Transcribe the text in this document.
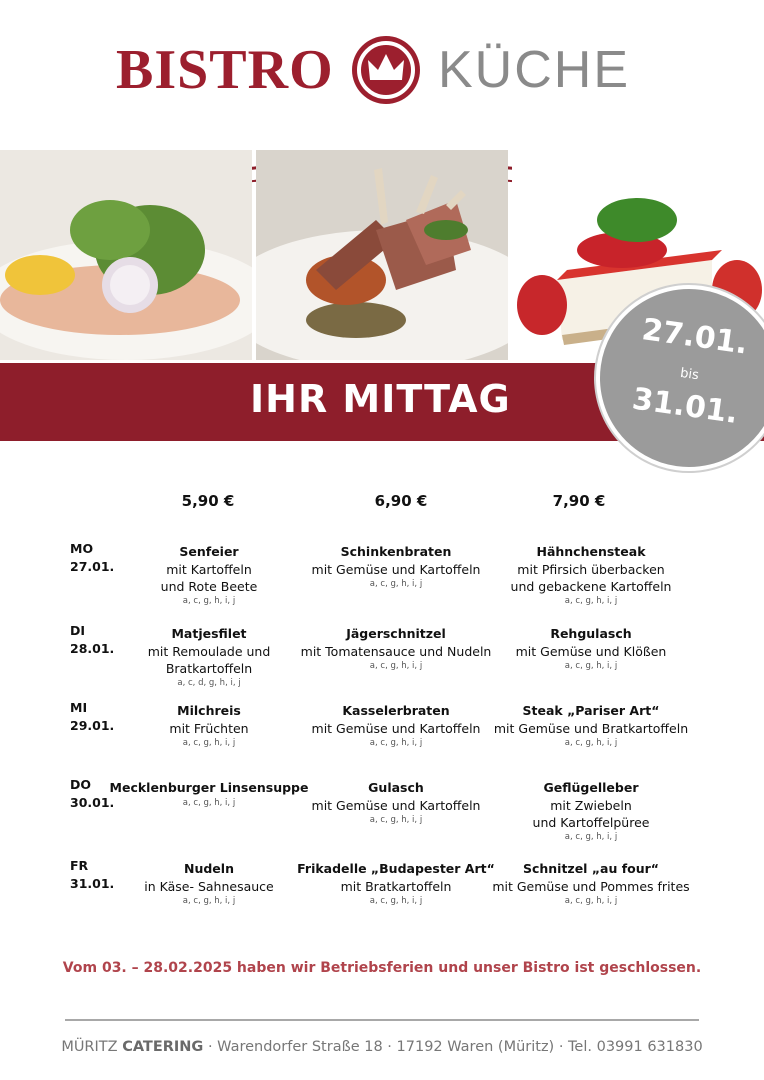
BISTRO KÜCHE
IHR MITTAG
27.01.
bis
31.01.
5,90 €	6,90 €	7,90 €
MO
27.01.
Senfeier
mit Kartoffeln
und Rote Beete
a, c, g, h, i, j
Schinkenbraten
mit Gemüse und Kartoffeln
a, c, g, h, i, j
Hähnchensteak
mit Pfirsich überbacken
und gebackene Kartoffeln
a, c, g, h, i, j
DI
28.01.
Matjesfilet
mit Remoulade und
Bratkartoffeln
a, c, d, g, h, i, j
Jägerschnitzel
mit Tomatensauce und Nudeln
a, c, g, h, i, j
Rehgulasch
mit Gemüse und Klößen
a, c, g, h, i, j
MI
29.01.
Milchreis
mit Früchten
a, c, g, h, i, j
Kasselerbraten
mit Gemüse und Kartoffeln
a, c, g, h, i, j
Steak „Pariser Art“
mit Gemüse und Bratkartoffeln
a, c, g, h, i, j
DO
30.01.
Mecklenburger Linsensuppe
a, c, g, h, i, j
Gulasch
mit Gemüse und Kartoffeln
a, c, g, h, i, j
Geflügelleber
mit Zwiebeln
und Kartoffelpüree
a, c, g, h, i, j
FR
31.01.
Nudeln
in Käse- Sahnesauce
a, c, g, h, i, j
Frikadelle „Budapester Art“
mit Bratkartoffeln
a, c, g, h, i, j
Schnitzel „au four“
mit Gemüse und Pommes frites
a, c, g, h, i, j
Vom 03. – 28.02.2025 haben wir Betriebsferien und unser Bistro ist geschlossen.
MÜRITZ CATERING · Warendorfer Straße 18 · 17192 Waren (Müritz) · Tel. 03991 631830
